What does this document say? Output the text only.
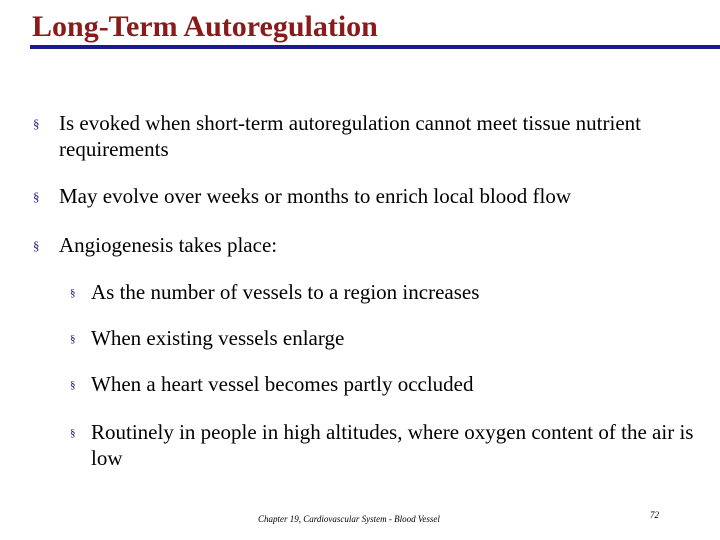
Long-Term Autoregulation
§ Is evoked when short-term autoregulation cannot meet tissue nutrient requirements
§ May evolve over weeks or months to enrich local blood flow
§ Angiogenesis takes place:
§ As the number of vessels to a region increases
§ When existing vessels enlarge
§ When a heart vessel becomes partly occluded
§ Routinely in people in high altitudes, where oxygen content of the air is low
Chapter 19, Cardiovascular System - Blood Vessel	72
